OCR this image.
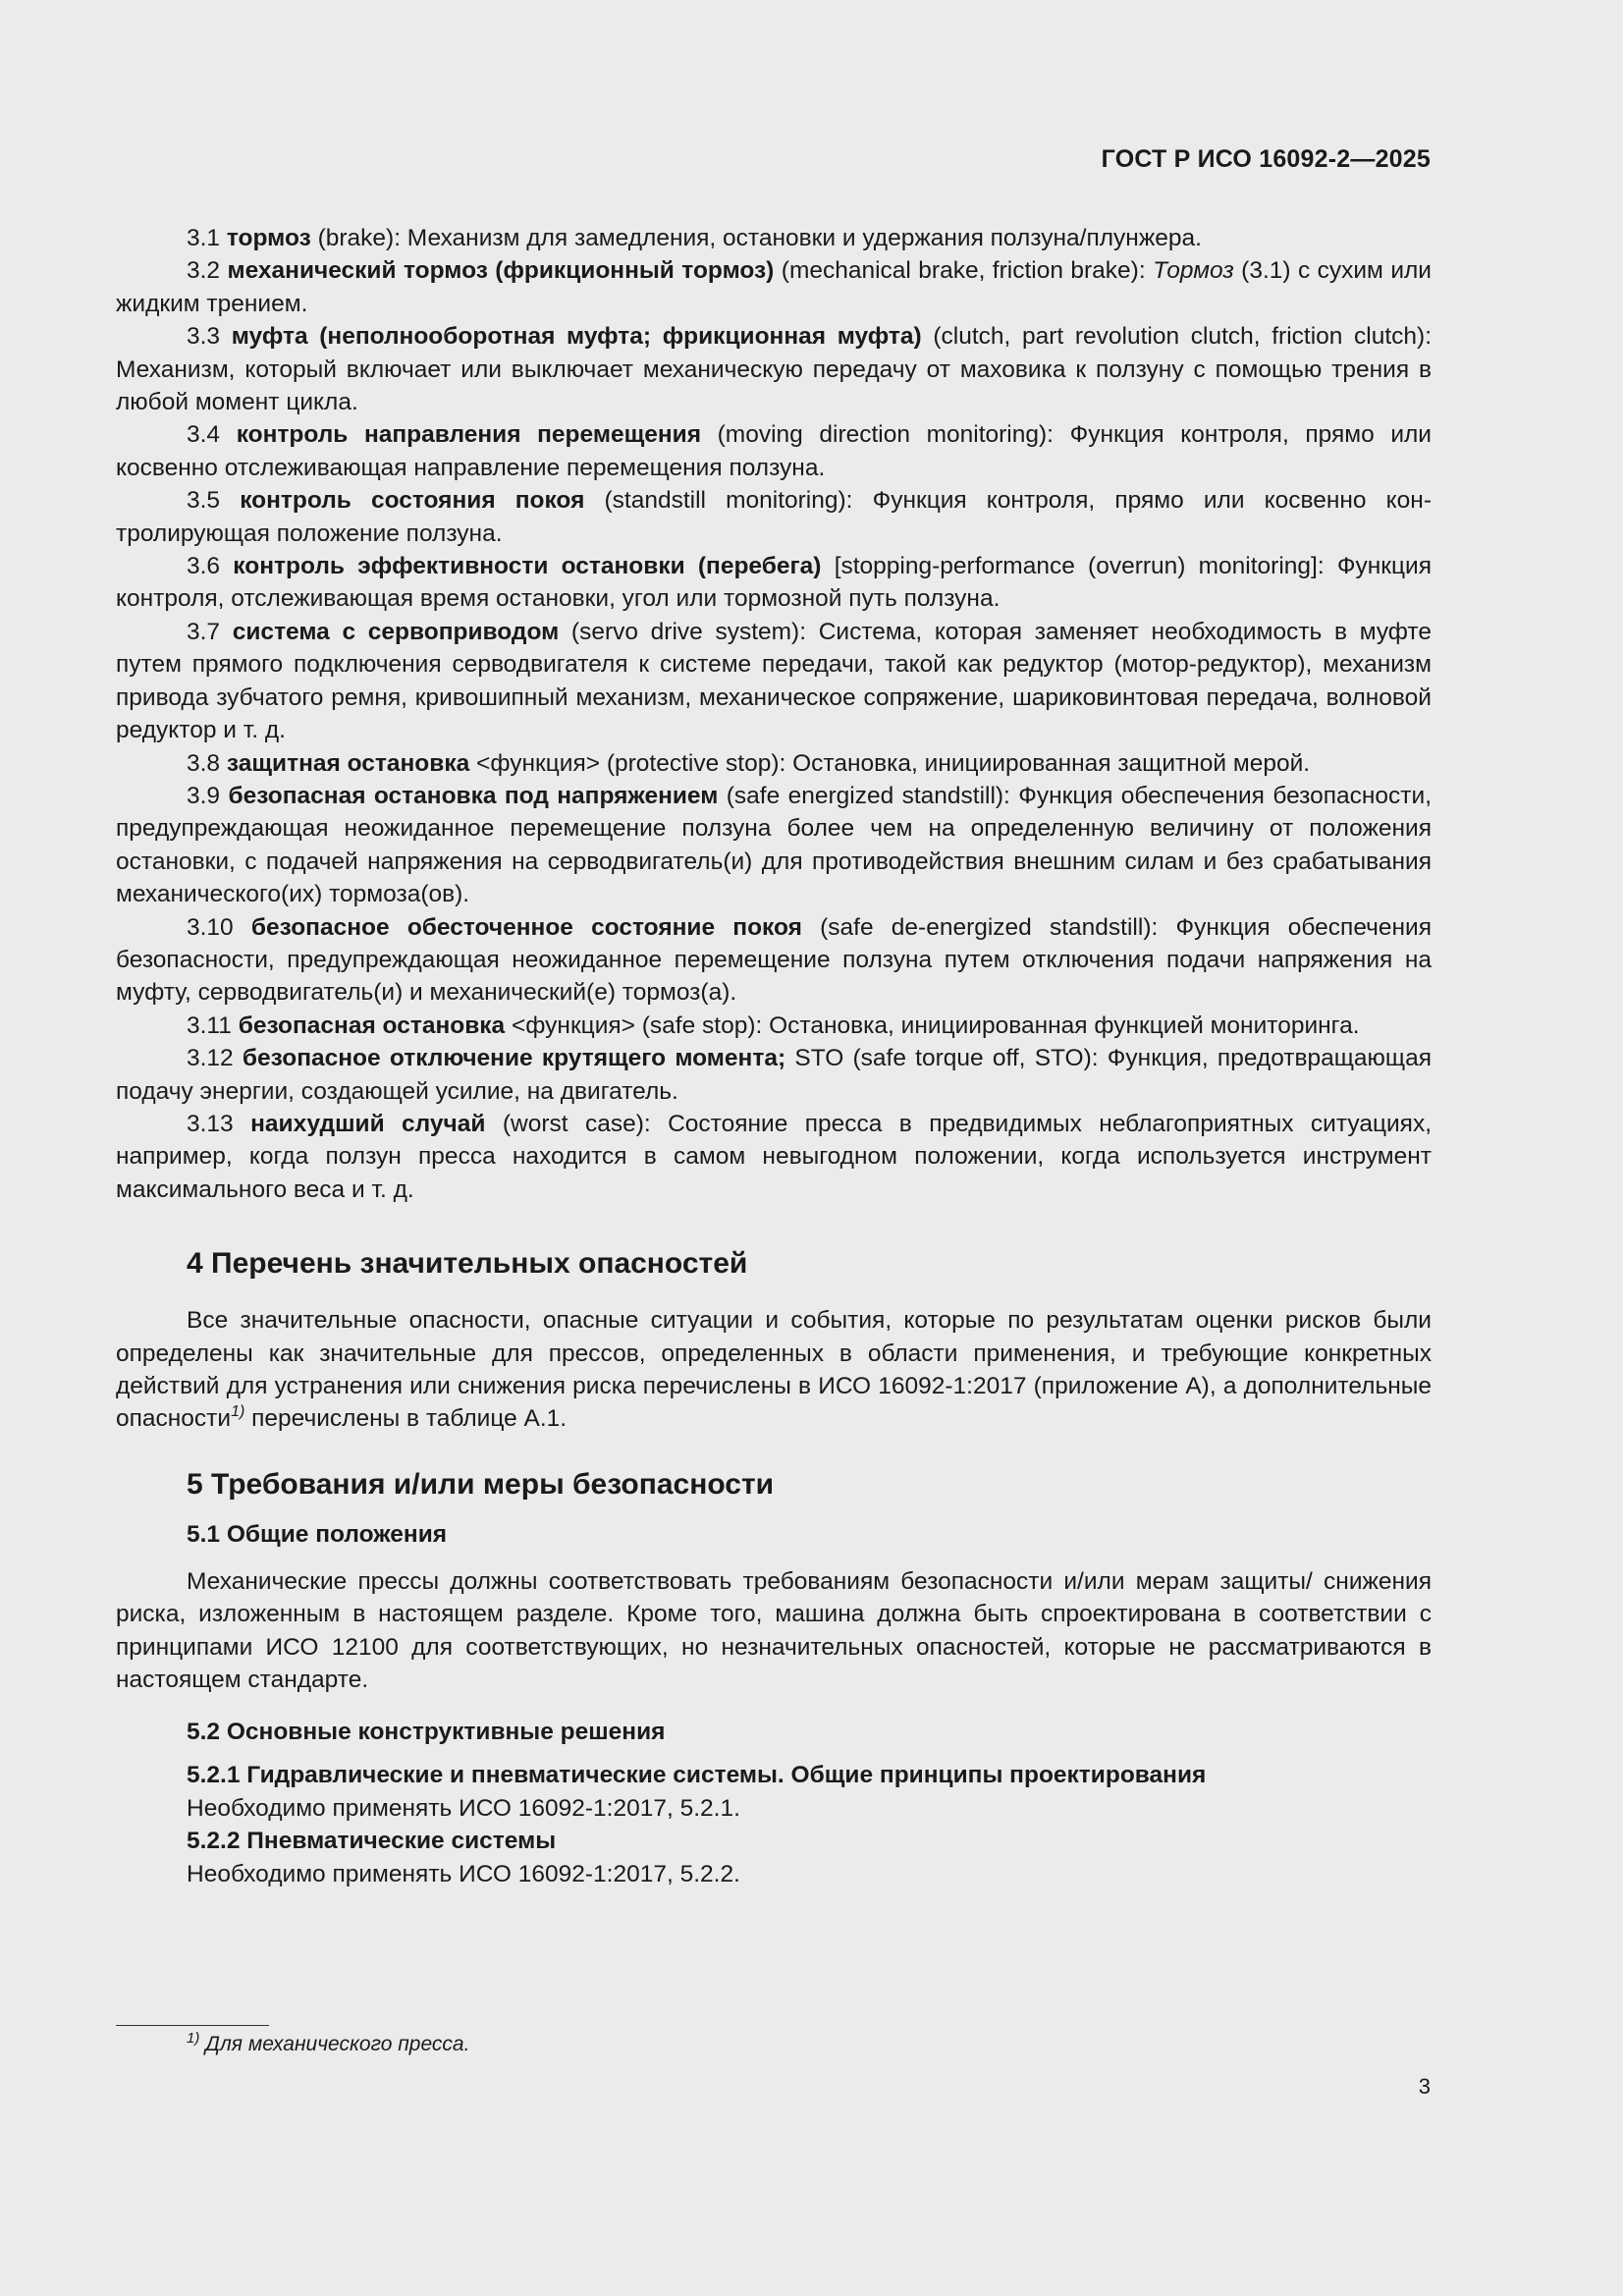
ГОСТ Р ИСО 16092-2—2025

3.1 тормоз (brake): Механизм для замедления, остановки и удержания ползуна/плунжера.

3.2 механический тормоз (фрикционный тормоз) (mechanical brake, friction brake): Тормоз (3.1) с сухим или жидким трением.

3.3 муфта (неполнооборотная муфта; фрикционная муфта) (clutch, part revolution clutch, friction clutch): Механизм, который включает или выключает механическую передачу от маховика к ползуну с помощью трения в любой момент цикла.

3.4 контроль направления перемещения (moving direction monitoring): Функция контроля, прямо или косвенно отслеживающая направление перемещения ползуна.

3.5 контроль состояния покоя (standstill monitoring): Функция контроля, прямо или косвенно контролирующая положение ползуна.

3.6 контроль эффективности остановки (перебега) [stopping-performance (overrun) monitoring]: Функция контроля, отслеживающая время остановки, угол или тормозной путь ползуна.

3.7 система с сервоприводом (servo drive system): Система, которая заменяет необходимость в муфте путем прямого подключения серводвигателя к системе передачи, такой как редуктор (мотор-редуктор), механизм привода зубчатого ремня, кривошипный механизм, механическое сопряжение, шариковинтовая передача, волновой редуктор и т. д.

3.8 защитная остановка <функция> (protective stop): Остановка, инициированная защитной мерой.

3.9 безопасная остановка под напряжением (safe energized standstill): Функция обеспечения безопасности, предупреждающая неожиданное перемещение ползуна более чем на определенную величину от положения остановки, с подачей напряжения на серводвигатель(и) для противодействия внешним силам и без срабатывания механического(их) тормоза(ов).

3.10 безопасное обесточенное состояние покоя (safe de-energized standstill): Функция обеспечения безопасности, предупреждающая неожиданное перемещение ползуна путем отключения подачи напряжения на муфту, серводвигатель(и) и механический(е) тормоз(а).

3.11 безопасная остановка <функция> (safe stop): Остановка, инициированная функцией мониторинга.

3.12 безопасное отключение крутящего момента; STO (safe torque off, STO): Функция, предотвращающая подачу энергии, создающей усилие, на двигатель.

3.13 наихудший случай (worst case): Состояние пресса в предвидимых неблагоприятных ситуациях, например, когда ползун пресса находится в самом невыгодном положении, когда используется инструмент максимального веса и т. д.

4 Перечень значительных опасностей

Все значительные опасности, опасные ситуации и события, которые по результатам оценки рисков были определены как значительные для прессов, определенных в области применения, и требующие конкретных действий для устранения или снижения риска перечислены в ИСО 16092-1:2017 (приложение А), а дополнительные опасности$^{1)}$ перечислены в таблице А.1.

5 Требования и/или меры безопасности
5.1 Общие положения

Механические прессы должны соответствовать требованиям безопасности и/или мерам защиты/ снижения риска, изложенным в настоящем разделе. Кроме того, машина должна быть спроектирована в соответствии с принципами ИСО 12100 для соответствующих, но незначительных опасностей, которые не рассматриваются в настоящем стандарте.

5.2 Основные конструктивные решения
5.2.1 Гидравлические и пневматические системы. Общие принципы проектирования

Необходимо применять ИСО 16092-1:2017, 5.2.1.

5.2.2 Пневматические системы

Необходимо применять ИСО 16092-1:2017, 5.2.2.

$^{1)}$ Для механического пресса.
3
